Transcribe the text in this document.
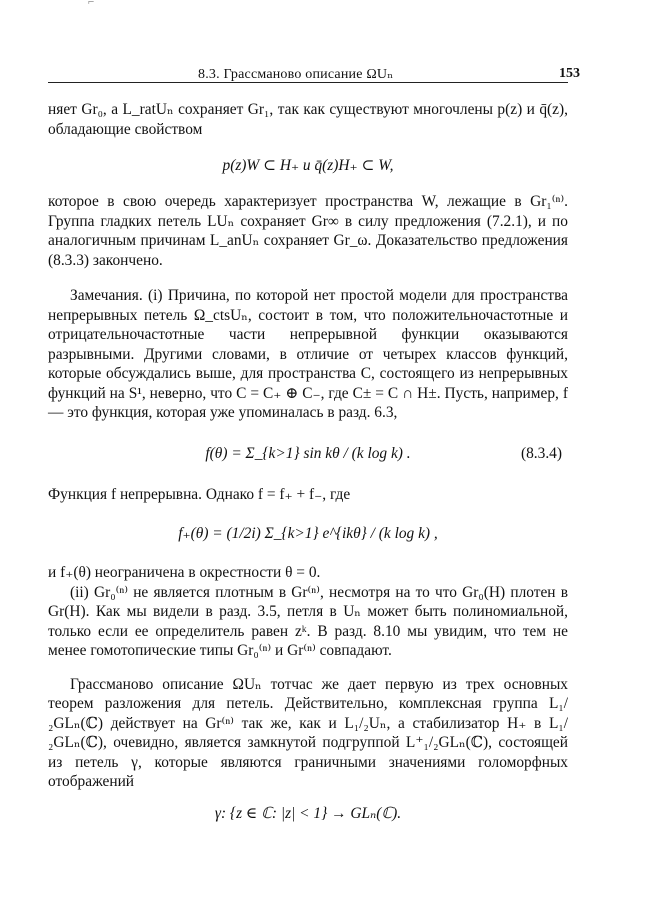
⌐
8.3. Грассманово описание ΩUₙ	153

няет Gr₀, а L_ratUₙ сохраняет Gr₁, так как существуют многочлены p(z) и q̄(z), обладающие свойством

p(z)W ⊂ H₊ и q̄(z)H₊ ⊂ W,

которое в свою очередь характеризует пространства W, лежащие в Gr₁⁽ⁿ⁾. Группа гладких петель LUₙ сохраняет Gr∞ в силу предложения (7.2.1), и по аналогичным причинам L_anUₙ сохраняет Gr_ω. Доказательство предложения (8.3.3) закончено.

Замечания. (i) Причина, по которой нет простой модели для пространства непрерывных петель Ω_ctsUₙ, состоит в том, что положительночастотные и отрицательночастотные части непрерывной функции оказываются разрывными. Другими словами, в отличие от четырех классов функций, которые обсуждались выше, для пространства C, состоящего из непрерывных функций на S¹, неверно, что C = C₊ ⊕ C₋, где C± = C ∩ H±. Пусть, например, f — это функция, которая уже упоминалась в разд. 6.3,

f(θ) = Σ_{k>1} sin kθ / (k log k) .	(8.3.4)

Функция f непрерывна. Однако f = f₊ + f₋, где

f₊(θ) = (1/2i) Σ_{k>1} e^{ikθ} / (k log k) ,

и f₊(θ) неограничена в окрестности θ = 0.

(ii) Gr₀⁽ⁿ⁾ не является плотным в Gr⁽ⁿ⁾, несмотря на то что Gr₀(H) плотен в Gr(H). Как мы видели в разд. 3.5, петля в Uₙ может быть полиномиальной, только если ее определитель равен zᵏ. В разд. 8.10 мы увидим, что тем не менее гомотопические типы Gr₀⁽ⁿ⁾ и Gr⁽ⁿ⁾ совпадают.

Грассманово описание ΩUₙ тотчас же дает первую из трех основных теорем разложения для петель. Действительно, комплексная группа L₁/₂GLₙ(ℂ) действует на Gr⁽ⁿ⁾ так же, как и L₁/₂Uₙ, а стабилизатор H₊ в L₁/₂GLₙ(ℂ), очевидно, является замкнутой подгруппой L⁺₁/₂GLₙ(ℂ), состоящей из петель γ, которые являются граничными значениями голоморфных отображений

γ: {z ∈ ℂ: |z| < 1} → GLₙ(ℂ).
